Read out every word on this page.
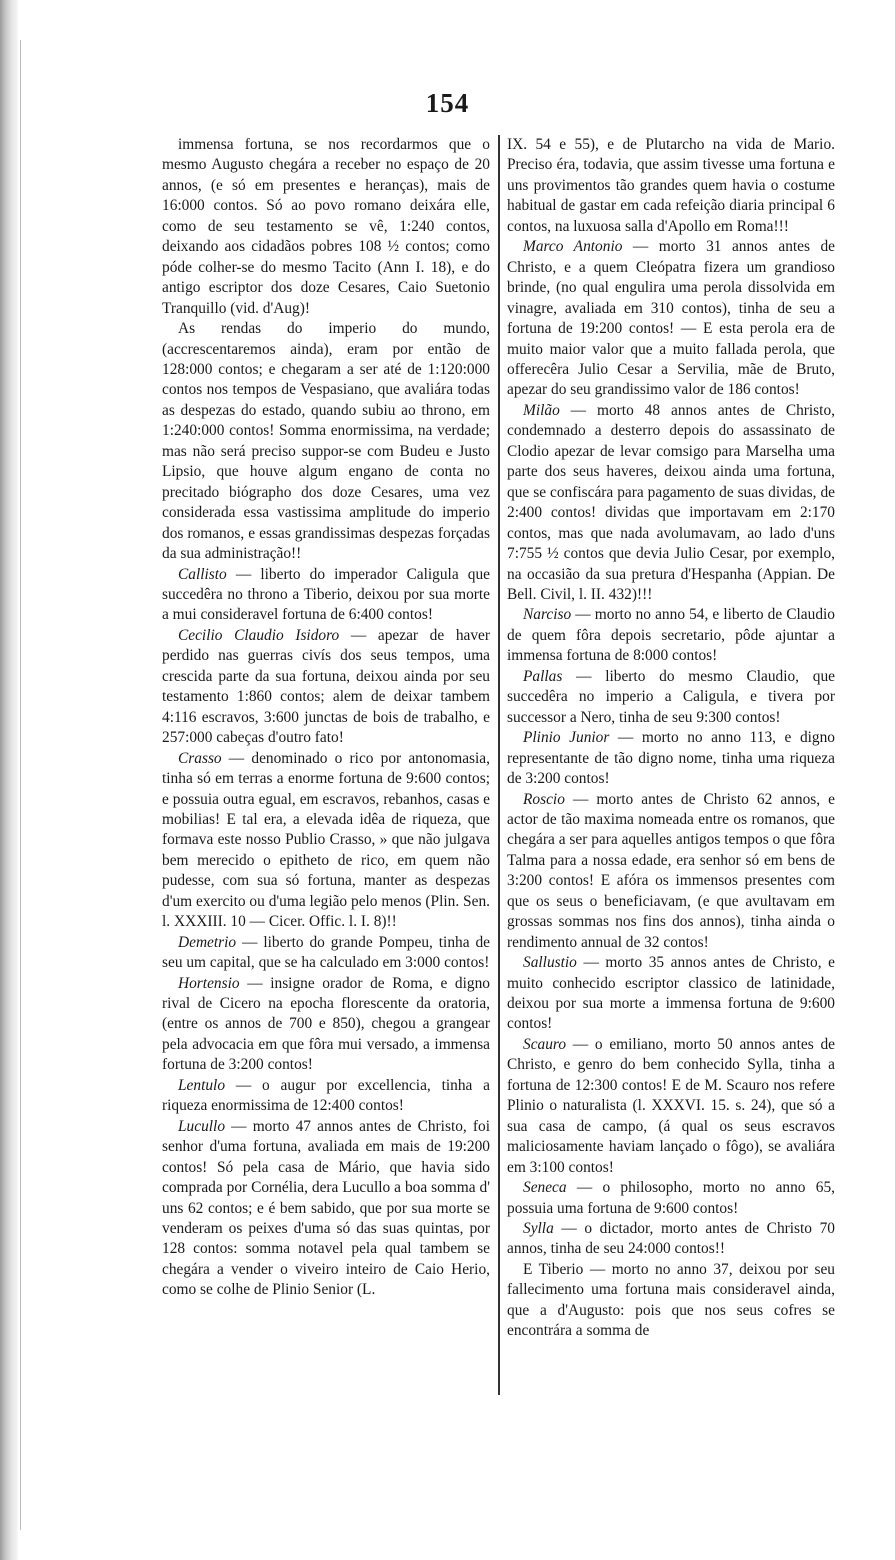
154

immensa fortuna, se nos recordarmos que o mesmo Augusto chegára a receber no espaço de 20 annos, (e só em presentes e heranças), mais de 16:000 contos. Só ao povo romano deixára elle, como de seu testamento se vê, 1:240 contos, deixando aos cidadãos pobres 108 ½ contos; como póde colher-se do mesmo Tacito (Ann I. 18), e do antigo escriptor dos doze Cesares, Caio Suetonio Tranquillo (vid. d'Aug)!

As rendas do imperio do mundo, (accrescentaremos ainda), eram por então de 128:000 contos; e chegaram a ser até de 1:120:000 contos nos tempos de Vespasiano, que avaliára todas as despezas do estado, quando subiu ao throno, em 1:240:000 contos! Somma enormissima, na verdade; mas não será preciso suppor-se com Budeu e Justo Lipsio, que houve algum engano de conta no precitado biógrapho dos doze Cesares, uma vez considerada essa vastissima amplitude do imperio dos romanos, e essas grandissimas despezas forçadas da sua administração!!

Callisto — liberto do imperador Caligula que succedêra no throno a Tiberio, deixou por sua morte a mui consideravel fortuna de 6:400 contos!

Cecilio Claudio Isidoro — apezar de haver perdido nas guerras civís dos seus tempos, uma crescida parte da sua fortuna, deixou ainda por seu testamento 1:860 contos; alem de deixar tambem 4:116 escravos, 3:600 junctas de bois de trabalho, e 257:000 cabeças d'outro fato!

Crasso — denominado o rico por antonomasia, tinha só em terras a enorme fortuna de 9:600 contos; e possuia outra egual, em escravos, rebanhos, casas e mobilias! E tal era, a elevada idêa de riqueza, que formava este nosso Publio Crasso, » que não julgava bem merecido o epitheto de rico, em quem não pudesse, com sua só fortuna, manter as despezas d'um exercito ou d'uma legião pelo menos (Plin. Sen. l. XXXIII. 10 — Cicer. Offic. l. I. 8)!!

Demetrio — liberto do grande Pompeu, tinha de seu um capital, que se ha calculado em 3:000 contos!

Hortensio — insigne orador de Roma, e digno rival de Cicero na epocha florescente da oratoria, (entre os annos de 700 e 850), chegou a grangear pela advocacia em que fôra mui versado, a immensa fortuna de 3:200 contos!

Lentulo — o augur por excellencia, tinha a riqueza enormissima de 12:400 contos!

Lucullo — morto 47 annos antes de Christo, foi senhor d'uma fortuna, avaliada em mais de 19:200 contos! Só pela casa de Mário, que havia sido comprada por Cornélia, dera Lucullo a boa somma d' uns 62 contos; e é bem sabido, que por sua morte se venderam os peixes d'uma só das suas quintas, por 128 contos: somma notavel pela qual tambem se chegára a vender o viveiro inteiro de Caio Herio, como se colhe de Plinio Senior (L.

IX. 54 e 55), e de Plutarcho na vida de Mario. Preciso éra, todavia, que assim tivesse uma fortuna e uns provimentos tão grandes quem havia o costume habitual de gastar em cada refeição diaria principal 6 contos, na luxuosa salla d'Apollo em Roma!!!

Marco Antonio — morto 31 annos antes de Christo, e a quem Cleópatra fizera um grandioso brinde, (no qual engulira uma perola dissolvida em vinagre, avaliada em 310 contos), tinha de seu a fortuna de 19:200 contos! — E esta perola era de muito maior valor que a muito fallada perola, que offerecêra Julio Cesar a Servilia, mãe de Bruto, apezar do seu grandissimo valor de 186 contos!

Milão — morto 48 annos antes de Christo, condemnado a desterro depois do assassinato de Clodio apezar de levar comsigo para Marselha uma parte dos seus haveres, deixou ainda uma fortuna, que se confiscára para pagamento de suas dividas, de 2:400 contos! dividas que importavam em 2:170 contos, mas que nada avolumavam, ao lado d'uns 7:755 ½ contos que devia Julio Cesar, por exemplo, na occasião da sua pretura d'Hespanha (Appian. De Bell. Civil, l. II. 432)!!!

Narciso — morto no anno 54, e liberto de Claudio de quem fôra depois secretario, pôde ajuntar a immensa fortuna de 8:000 contos!

Pallas — liberto do mesmo Claudio, que succedêra no imperio a Caligula, e tivera por successor a Nero, tinha de seu 9:300 contos!

Plinio Junior — morto no anno 113, e digno representante de tão digno nome, tinha uma riqueza de 3:200 contos!

Roscio — morto antes de Christo 62 annos, e actor de tão maxima nomeada entre os romanos, que chegára a ser para aquelles antigos tempos o que fôra Talma para a nossa edade, era senhor só em bens de 3:200 contos! E afóra os immensos presentes com que os seus o beneficiavam, (e que avultavam em grossas sommas nos fins dos annos), tinha ainda o rendimento annual de 32 contos!

Sallustio — morto 35 annos antes de Christo, e muito conhecido escriptor classico de latinidade, deixou por sua morte a immensa fortuna de 9:600 contos!

Scauro — o emiliano, morto 50 annos antes de Christo, e genro do bem conhecido Sylla, tinha a fortuna de 12:300 contos! E de M. Scauro nos refere Plinio o naturalista (l. XXXVI. 15. s. 24), que só a sua casa de campo, (á qual os seus escravos maliciosamente haviam lançado o fôgo), se avaliára em 3:100 contos!

Seneca — o philosopho, morto no anno 65, possuia uma fortuna de 9:600 contos!

Sylla — o dictador, morto antes de Christo 70 annos, tinha de seu 24:000 contos!!

E Tiberio — morto no anno 37, deixou por seu fallecimento uma fortuna mais consideravel ainda, que a d'Augusto: pois que nos seus cofres se encontrára a somma de
